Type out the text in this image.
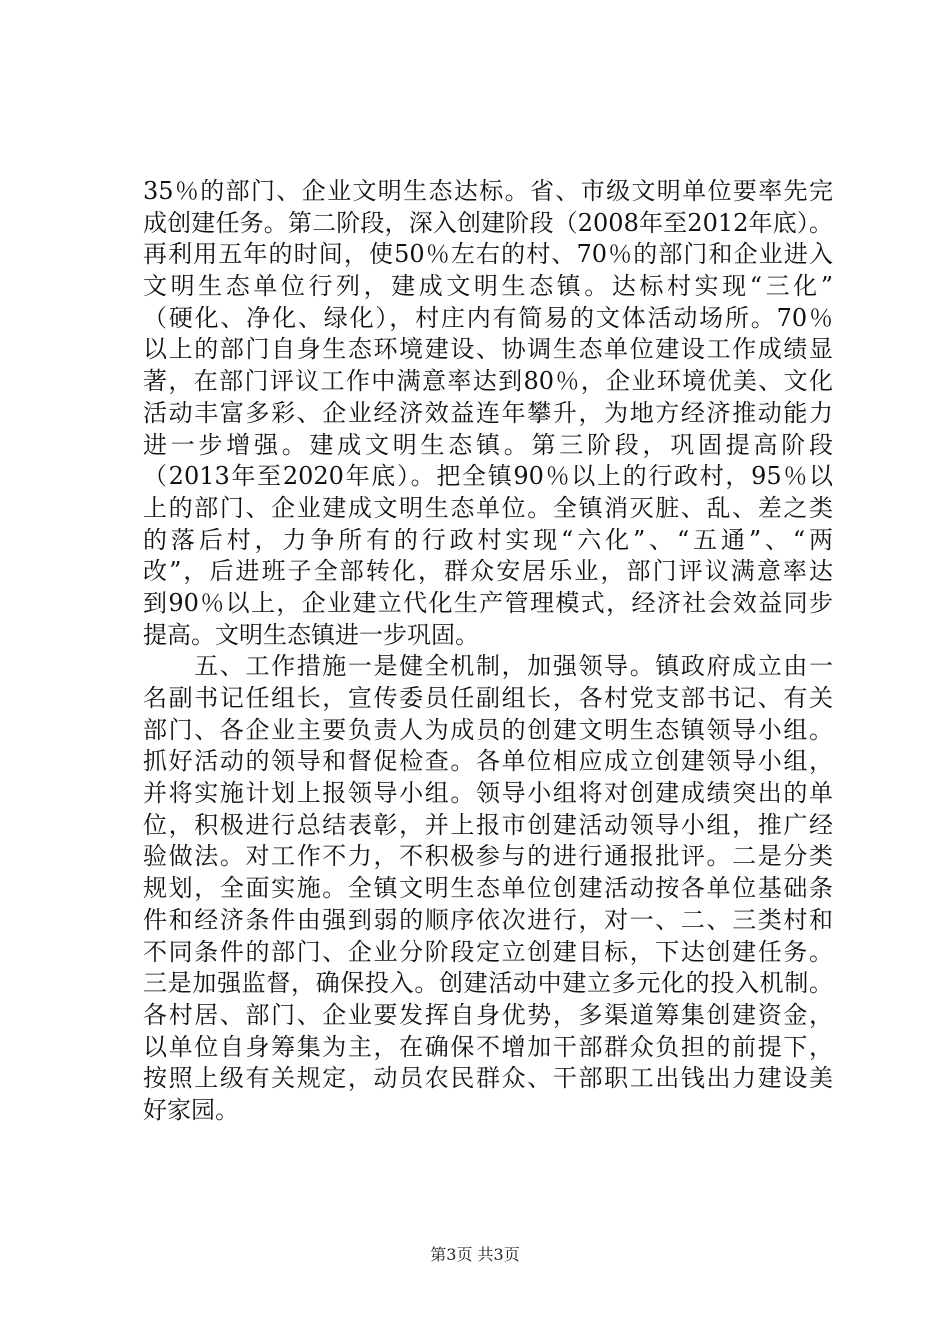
35％的部门、企业文明生态达标。省、市级文明单位要率先完
成创建任务。第二阶段，深入创建阶段（2008年至2012年底）。
再利用五年的时间，使50％左右的村、70％的部门和企业进入
文明生态单位行列，建成文明生态镇。达标村实现“三化”
（硬化、净化、绿化），村庄内有简易的文体活动场所。70％
以上的部门自身生态环境建设、协调生态单位建设工作成绩显
著，在部门评议工作中满意率达到80％，企业环境优美、文化
活动丰富多彩、企业经济效益连年攀升，为地方经济推动能力
进一步增强。建成文明生态镇。第三阶段，巩固提高阶段
（2013年至2020年底）。把全镇90％以上的行政村，95％以
上的部门、企业建成文明生态单位。全镇消灭脏、乱、差之类
的落后村，力争所有的行政村实现“六化”、“五通”、“两
改”，后进班子全部转化，群众安居乐业，部门评议满意率达
到90％以上，企业建立代化生产管理模式，经济社会效益同步
提高。文明生态镇进一步巩固。
　　五、工作措施一是健全机制，加强领导。镇政府成立由一
名副书记任组长，宣传委员任副组长，各村党支部书记、有关
部门、各企业主要负责人为成员的创建文明生态镇领导小组。
抓好活动的领导和督促检查。各单位相应成立创建领导小组，
并将实施计划上报领导小组。领导小组将对创建成绩突出的单
位，积极进行总结表彰，并上报市创建活动领导小组，推广经
验做法。对工作不力，不积极参与的进行通报批评。二是分类
规划，全面实施。全镇文明生态单位创建活动按各单位基础条
件和经济条件由强到弱的顺序依次进行，对一、二、三类村和
不同条件的部门、企业分阶段定立创建目标，下达创建任务。
三是加强监督，确保投入。创建活动中建立多元化的投入机制。
各村居、部门、企业要发挥自身优势，多渠道筹集创建资金，
以单位自身筹集为主，在确保不增加干部群众负担的前提下，
按照上级有关规定，动员农民群众、干部职工出钱出力建设美
好家园。
第3页 共3页
